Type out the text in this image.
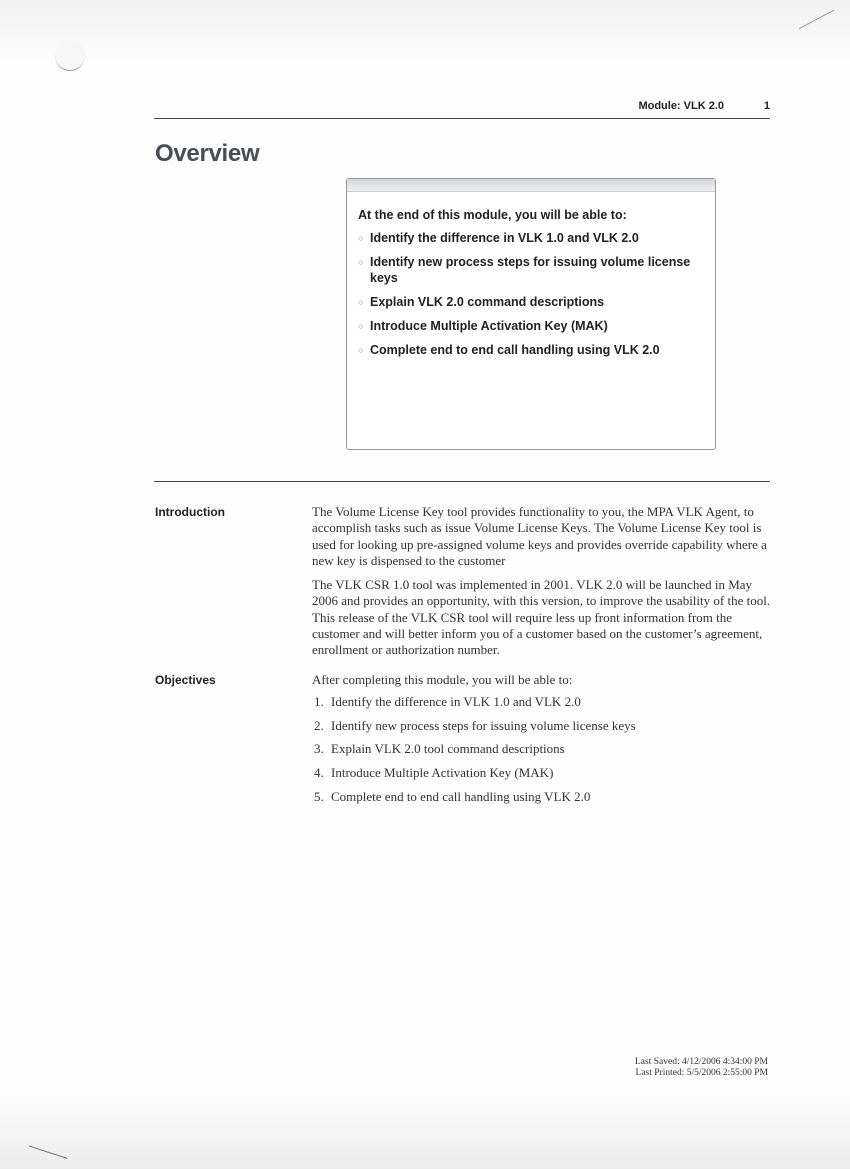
Module: VLK 2.0	1
Overview

At the end of this module, you will be able to:

○ Identify the difference in VLK 1.0 and VLK 2.0
○ Identify new process steps for issuing volume license keys
○ Explain VLK 2.0 command descriptions
○ Introduce Multiple Activation Key (MAK)
○ Complete end to end call handling using VLK 2.0
Introduction	The Volume License Key tool provides functionality to you, the MPA VLK Agent, to accomplish tasks such as issue Volume License Keys. The Volume License Key tool is used for looking up pre-assigned volume keys and provides override capability where a new key is dispensed to the customer

The VLK CSR 1.0 tool was implemented in 2001. VLK 2.0 will be launched in May 2006 and provides an opportunity, with this version, to improve the usability of the tool. This release of the VLK CSR tool will require less up front information from the customer and will better inform you of a customer based on the customer’s agreement, enrollment or authorization number.

Objectives	After completing this module, you will be able to:

1. Identify the difference in VLK 1.0 and VLK 2.0
2. Identify new process steps for issuing volume license keys
3. Explain VLK 2.0 tool command descriptions
4. Introduce Multiple Activation Key (MAK)
5. Complete end to end call handling using VLK 2.0
Last Saved: 4/12/2006 4:34:00 PM
Last Printed: 5/5/2006 2:55:00 PM
